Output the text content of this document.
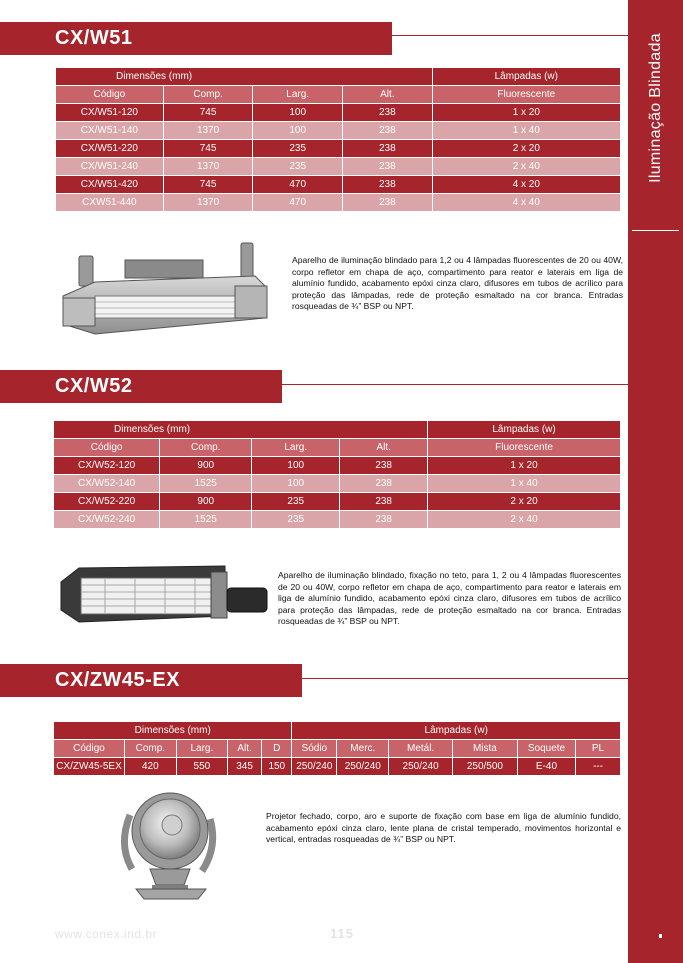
Iluminação Blindada
CX/W51
Dimensões (mm)				Lâmpadas (w)
Código	Comp.	Larg.	Alt.	Fluorescente
CX/W51-120	745	100	238	1 x 20
CX/W51-140	1370	100	238	1 x 40
CX/W51-220	745	235	238	2 x 20
CX/W51-240	1370	235	238	2 x 40
CX/W51-420	745	470	238	4 x 20
CXW51-440	1370	470	238	4 x 40
Aparelho de iluminação blindado para 1,2 ou 4 lâmpadas fluorescentes de 20 ou 40W, corpo refletor em chapa de aço, compartimento para reator e laterais em liga de alumínio fundido, acabamento epóxi cinza claro, difusores em tubos de acrílico para proteção das lâmpadas, rede de proteção esmaltado na cor branca. Entradas rosqueadas de ¾” BSP ou NPT.
CX/W52
Dimensões (mm)				Lâmpadas (w)
Código	Comp.	Larg.	Alt.	Fluorescente
CX/W52-120	900	100	238	1 x 20
CX/W52-140	1525	100	238	1 x 40
CX/W52-220	900	235	238	2 x 20
CX/W52-240	1525	235	238	2 x 40
Aparelho de iluminação blindado, fixação no teto, para 1, 2 ou 4 lâmpadas fluorescentes de 20 ou 40W, corpo refletor em chapa de aço, compartimento para reator e laterais em liga de alumínio fundido, acabamento epóxi cinza claro, difusores em tubos de acrílico para proteção das lâmpadas, rede de proteção esmaltado na cor branca. Entradas rosqueadas de ¾” BSP ou NPT.
CX/ZW45-EX
Dimensões (mm)					Lâmpadas (w)					
Código	Comp.	Larg.	Alt.	D	Sódio	Merc.	Metál.	Mista	Soquete	PL
CX/ZW45-5EX	420	550	345	150	250/240	250/240	250/240	250/500	E-40	---
Projetor fechado, corpo, aro e suporte de fixação com base em liga de alumínio fundido, acabamento epóxi cinza claro, lente plana de cristal temperado, movimentos horizontal e vertical, entradas rosqueadas de ¾” BSP ou NPT.
www.conex.ind.br	115
